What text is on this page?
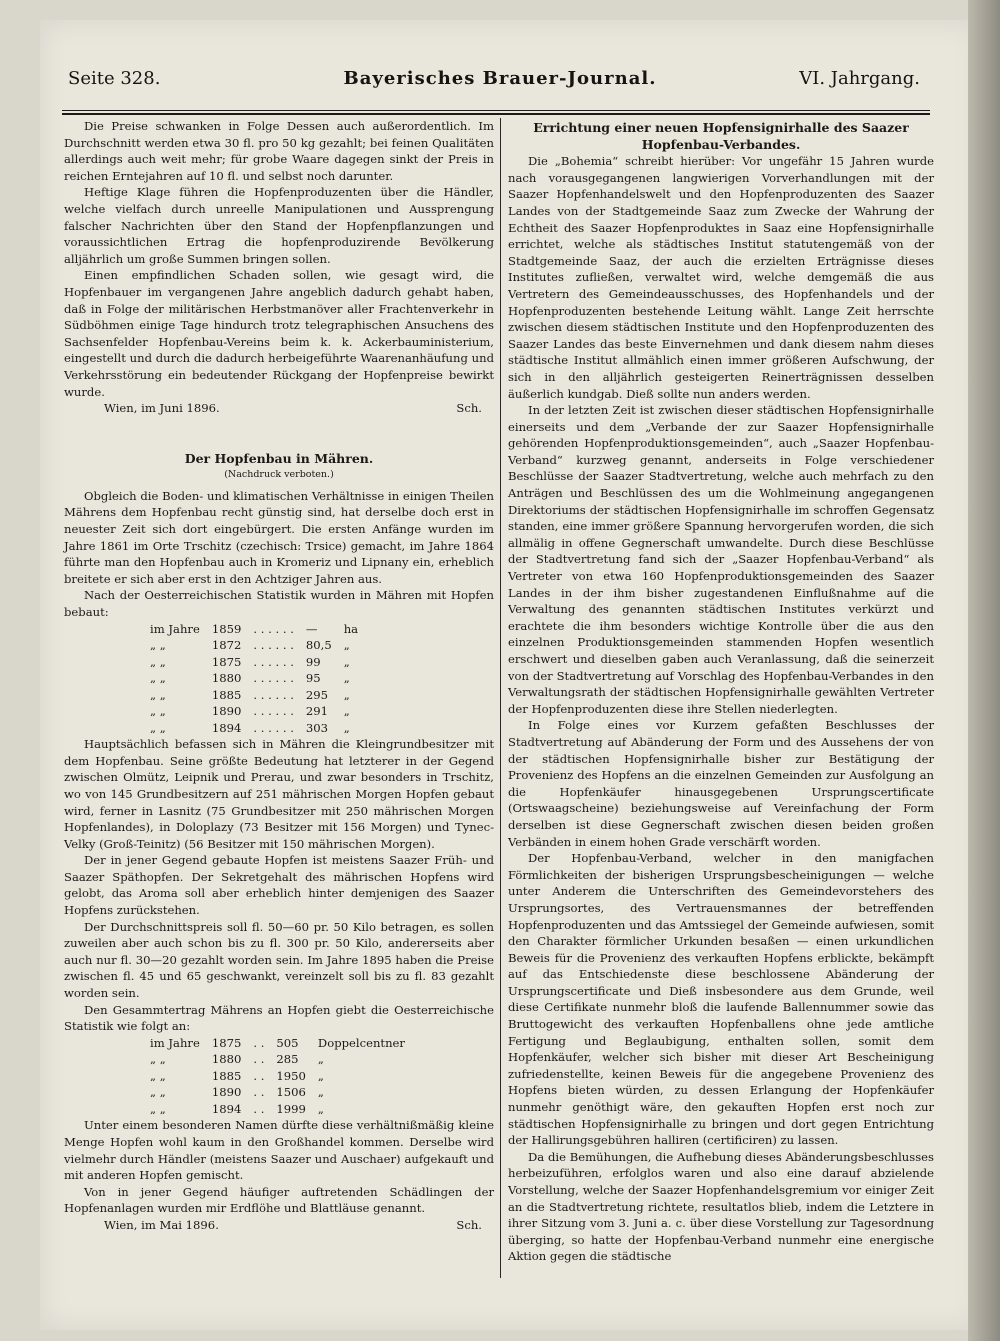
Seite 328.	Bayerisches Brauer-Journal.	VI. Jahrgang.

Die Preise schwanken in Folge Dessen auch außerordentlich. Im Durchschnitt werden etwa 30 fl. pro 50 kg gezahlt; bei feinen Qualitäten allerdings auch weit mehr; für grobe Waare dagegen sinkt der Preis in reichen Erntejahren auf 10 fl. und selbst noch darunter.

Heftige Klage führen die Hopfenproduzenten über die Händler, welche vielfach durch unreelle Manipulationen und Aussprengung falscher Nachrichten über den Stand der Hopfenpflanzungen und voraussichtlichen Ertrag die hopfenproduzirende Bevölkerung alljährlich um große Summen bringen sollen.

Einen empfindlichen Schaden sollen, wie gesagt wird, die Hopfenbauer im vergangenen Jahre angeblich dadurch gehabt haben, daß in Folge der militärischen Herbstmanöver aller Frachtenverkehr in Südböhmen einige Tage hindurch trotz telegraphischen Ansuchens des Sachsenfelder Hopfenbau-Vereins beim k. k. Ackerbauministerium, eingestellt und durch die dadurch herbeigeführte Waarenanhäufung und Verkehrsstörung ein bedeutender Rückgang der Hopfenpreise bewirkt wurde.

Wien, im Juni 1896.	Sch.

Der Hopfenbau in Mähren.

(Nachdruck verboten.)

Obgleich die Boden- und klimatischen Verhältnisse in einigen Theilen Mährens dem Hopfenbau recht günstig sind, hat derselbe doch erst in neuester Zeit sich dort eingebürgert. Die ersten Anfänge wurden im Jahre 1861 im Orte Trschitz (czechisch: Trsice) gemacht, im Jahre 1864 führte man den Hopfenbau auch in Kromeriz und Lipnany ein, erheblich breitete er sich aber erst in den Achtziger Jahren aus.

Nach der Oesterreichischen Statistik wurden in Mähren mit Hopfen bebaut:

im Jahre	1859	. . . . . .	—	ha
„ „	1872	. . . . . .	80,5	„
„ „	1875	. . . . . .	99	„
„ „	1880	. . . . . .	95	„
„ „	1885	. . . . . .	295	„
„ „	1890	. . . . . .	291	„
„ „	1894	. . . . . .	303	„

Hauptsächlich befassen sich in Mähren die Kleingrundbesitzer mit dem Hopfenbau. Seine größte Bedeutung hat letzterer in der Gegend zwischen Olmütz, Leipnik und Prerau, und zwar besonders in Trschitz, wo von 145 Grundbesitzern auf 251 mährischen Morgen Hopfen gebaut wird, ferner in Lasnitz (75 Grundbesitzer mit 250 mährischen Morgen Hopfenlandes), in Doloplazy (73 Besitzer mit 156 Morgen) und Tynec-Velky (Groß-Teinitz) (56 Besitzer mit 150 mährischen Morgen).

Der in jener Gegend gebaute Hopfen ist meistens Saazer Früh- und Saazer Späthopfen. Der Sekretgehalt des mährischen Hopfens wird gelobt, das Aroma soll aber erheblich hinter demjenigen des Saazer Hopfens zurückstehen.

Der Durchschnittspreis soll fl. 50—60 pr. 50 Kilo betragen, es sollen zuweilen aber auch schon bis zu fl. 300 pr. 50 Kilo, andererseits aber auch nur fl. 30—20 gezahlt worden sein. Im Jahre 1895 haben die Preise zwischen fl. 45 und 65 geschwankt, vereinzelt soll bis zu fl. 83 gezahlt worden sein.

Den Gesammtertrag Mährens an Hopfen giebt die Oesterreichische Statistik wie folgt an:

im Jahre	1875	. .	505	Doppelcentner
„ „	1880	. .	285	„
„ „	1885	. .	1950	„
„ „	1890	. .	1506	„
„ „	1894	. .	1999	„

Unter einem besonderen Namen dürfte diese verhältnißmäßig kleine Menge Hopfen wohl kaum in den Großhandel kommen. Derselbe wird vielmehr durch Händler (meistens Saazer und Auschaer) aufgekauft und mit anderen Hopfen gemischt.

Von in jener Gegend häufiger auftretenden Schädlingen der Hopfenanlagen wurden mir Erdflöhe und Blattläuse genannt.

Wien, im Mai 1896.	Sch.

Errichtung einer neuen Hopfensignirhalle des Saazer Hopfenbau-Verbandes.

Die „Bohemia“ schreibt hierüber: Vor ungefähr 15 Jahren wurde nach vorausgegangenen langwierigen Vorverhandlungen mit der Saazer Hopfenhandelswelt und den Hopfenproduzenten des Saazer Landes von der Stadtgemeinde Saaz zum Zwecke der Wahrung der Echtheit des Saazer Hopfenproduktes in Saaz eine Hopfensignirhalle errichtet, welche als städtisches Institut statutengemäß von der Stadtgemeinde Saaz, der auch die erzielten Erträgnisse dieses Institutes zufließen, verwaltet wird, welche demgemäß die aus Vertretern des Gemeindeausschusses, des Hopfenhandels und der Hopfenproduzenten bestehende Leitung wählt. Lange Zeit herrschte zwischen diesem städtischen Institute und den Hopfenproduzenten des Saazer Landes das beste Einvernehmen und dank diesem nahm dieses städtische Institut allmählich einen immer größeren Aufschwung, der sich in den alljährlich gesteigerten Reinerträgnissen desselben äußerlich kundgab. Dieß sollte nun anders werden.

In der letzten Zeit ist zwischen dieser städtischen Hopfensignirhalle einerseits und dem „Verbande der zur Saazer Hopfensignirhalle gehörenden Hopfenproduktionsgemeinden“, auch „Saazer Hopfenbau-Verband“ kurzweg genannt, anderseits in Folge verschiedener Beschlüsse der Saazer Stadtvertretung, welche auch mehrfach zu den Anträgen und Beschlüssen des um die Wohlmeinung angegangenen Direktoriums der städtischen Hopfensignirhalle im schroffen Gegensatz standen, eine immer größere Spannung hervorgerufen worden, die sich allmälig in offene Gegnerschaft umwandelte. Durch diese Beschlüsse der Stadtvertretung fand sich der „Saazer Hopfenbau-Verband“ als Vertreter von etwa 160 Hopfenproduktionsgemeinden des Saazer Landes in der ihm bisher zugestandenen Einflußnahme auf die Verwaltung des genannten städtischen Institutes verkürzt und erachtete die ihm besonders wichtige Kontrolle über die aus den einzelnen Produktionsgemeinden stammenden Hopfen wesentlich erschwert und dieselben gaben auch Veranlassung, daß die seinerzeit von der Stadtvertretung auf Vorschlag des Hopfenbau-Verbandes in den Verwaltungsrath der städtischen Hopfensignirhalle gewählten Vertreter der Hopfenproduzenten diese ihre Stellen niederlegten.

In Folge eines vor Kurzem gefaßten Beschlusses der Stadtvertretung auf Abänderung der Form und des Aussehens der von der städtischen Hopfensignirhalle bisher zur Bestätigung der Provenienz des Hopfens an die einzelnen Gemeinden zur Ausfolgung an die Hopfenkäufer hinausgegebenen Ursprungscertificate (Ortswaagscheine) beziehungsweise auf Vereinfachung der Form derselben ist diese Gegnerschaft zwischen diesen beiden großen Verbänden in einem hohen Grade verschärft worden.

Der Hopfenbau-Verband, welcher in den manigfachen Förmlichkeiten der bisherigen Ursprungsbescheinigungen — welche unter Anderem die Unterschriften des Gemeindevorstehers des Ursprungsortes, des Vertrauensmannes der betreffenden Hopfenproduzenten und das Amtssiegel der Gemeinde aufwiesen, somit den Charakter förmlicher Urkunden besaßen — einen urkundlichen Beweis für die Provenienz des verkauften Hopfens erblickte, bekämpft auf das Entschiedenste diese beschlossene Abänderung der Ursprungscertificate und Dieß insbesondere aus dem Grunde, weil diese Certifikate nunmehr bloß die laufende Ballennummer sowie das Bruttogewicht des verkauften Hopfenballens ohne jede amtliche Fertigung und Beglaubigung, enthalten sollen, somit dem Hopfenkäufer, welcher sich bisher mit dieser Art Bescheinigung zufriedenstellte, keinen Beweis für die angegebene Provenienz des Hopfens bieten würden, zu dessen Erlangung der Hopfenkäufer nunmehr genöthigt wäre, den gekauften Hopfen erst noch zur städtischen Hopfensignirhalle zu bringen und dort gegen Entrichtung der Hallirungsgebühren halliren (certificiren) zu lassen.

Da die Bemühungen, die Aufhebung dieses Abänderungsbeschlusses herbeizuführen, erfolglos waren und also eine darauf abzielende Vorstellung, welche der Saazer Hopfenhandelsgremium vor einiger Zeit an die Stadtvertretung richtete, resultatlos blieb, indem die Letztere in ihrer Sitzung vom 3. Juni a. c. über diese Vorstellung zur Tagesordnung überging, so hatte der Hopfenbau-Verband nunmehr eine energische Aktion gegen die städtische
